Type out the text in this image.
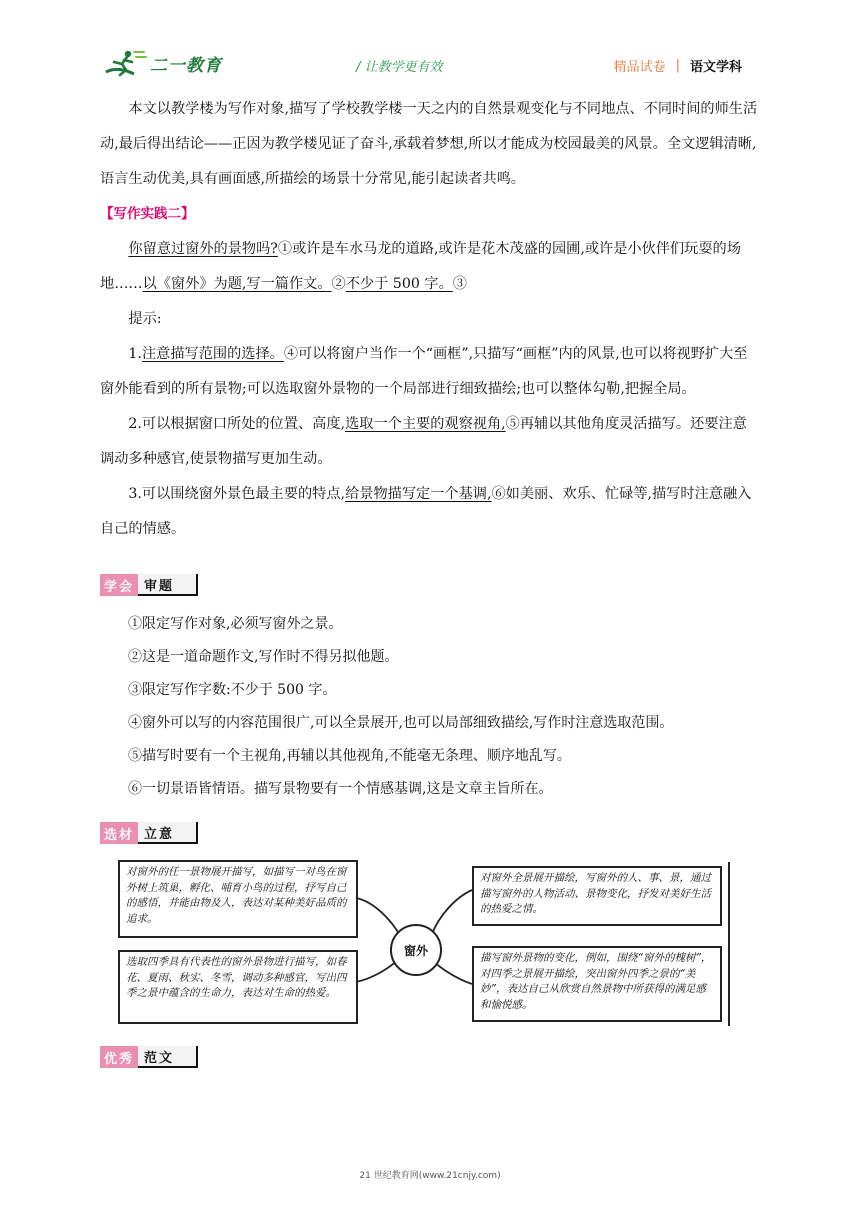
二一教育	/ 让教学更有效	精品试卷 | 语文学科

本文以教学楼为写作对象,描写了学校教学楼一天之内的自然景观变化与不同地点、不同时间的师生活动,最后得出结论——正因为教学楼见证了奋斗,承载着梦想,所以才能成为校园最美的风景。全文逻辑清晰,语言生动优美,具有画面感,所描绘的场景十分常见,能引起读者共鸣。

【写作实践二】

你留意过窗外的景物吗?①或许是车水马龙的道路,或许是花木茂盛的园圃,或许是小伙伴们玩耍的场地……以《窗外》为题,写一篇作文。②不少于 500 字。③

提示:

1.注意描写范围的选择。④可以将窗户当作一个“画框”,只描写“画框”内的风景,也可以将视野扩大至窗外能看到的所有景物;可以选取窗外景物的一个局部进行细致描绘;也可以整体勾勒,把握全局。

2.可以根据窗口所处的位置、高度,选取一个主要的观察视角,⑤再辅以其他角度灵活描写。还要注意调动多种感官,使景物描写更加生动。

3.可以围绕窗外景色最主要的特点,给景物描写定一个基调,⑥如美丽、欢乐、忙碌等,描写时注意融入自己的情感。

学会 审题

①限定写作对象,必须写窗外之景。

②这是一道命题作文,写作时不得另拟他题。

③限定写作字数:不少于 500 字。

④窗外可以写的内容范围很广,可以全景展开,也可以局部细致描绘,写作时注意选取范围。

⑤描写时要有一个主视角,再辅以其他视角,不能毫无条理、顺序地乱写。

⑥一切景语皆情语。描写景物要有一个情感基调,这是文章主旨所在。

选材 立意
对窗外的任一景物展开描写，如描写一对鸟在窗外树上筑巢，孵化、哺育小鸟的过程，抒写自己的感悟，并能由物及人，表达对某种美好品质的追求。
选取四季具有代表性的窗外景物进行描写，如春花、夏雨、秋实、冬雪，调动多种感官，写出四季之景中蕴含的生命力，表达对生命的热爱。
窗外
对窗外全景展开描绘，写窗外的人、事、景，通过描写窗外的人物活动、景物变化，抒发对美好生活的热爱之情。
描写窗外景物的变化，例如，围绕“窗外的槐树”，对四季之景展开描绘，突出窗外四季之景的“美妙”，表达自己从欣赏自然景物中所获得的满足感和愉悦感。
优秀 范文
21 世纪教育网(www.21cnjy.com)
